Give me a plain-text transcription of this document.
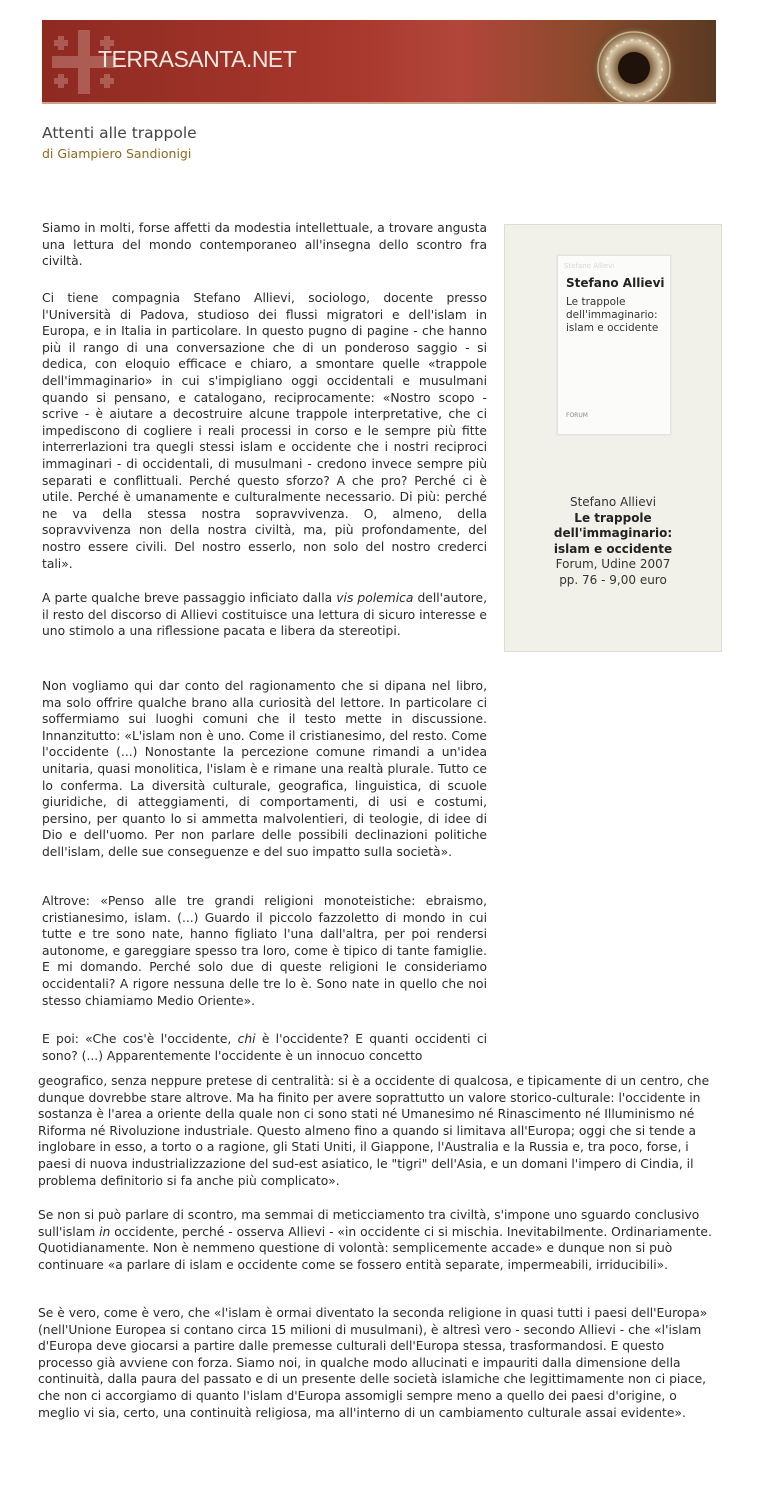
TERRASANTA.NET
Attenti alle trappole
di Giampiero Sandionigi

Siamo in molti, forse affetti da modestia intellettuale, a trovare angusta una lettura del mondo contemporaneo all'insegna dello scontro fra civiltà.

Ci tiene compagnia Stefano Allievi, sociologo, docente presso l'Università di Padova, studioso dei flussi migratori e dell'islam in Europa, e in Italia in particolare. In questo pugno di pagine - che hanno più il rango di una conversazione che di un ponderoso saggio - si dedica, con eloquio efficace e chiaro, a smontare quelle «trappole dell'immaginario» in cui s'impigliano oggi occidentali e musulmani quando si pensano, e catalogano, reciprocamente: «Nostro scopo - scrive - è aiutare a decostruire alcune trappole interpretative, che ci impediscono di cogliere i reali processi in corso e le sempre più fitte interrerlazioni tra quegli stessi islam e occidente che i nostri reciproci immaginari - di occidentali, di musulmani - credono invece sempre più separati e conflittuali. Perché questo sforzo? A che pro? Perché ci è utile. Perché è umanamente e culturalmente necessario. Di più: perché ne va della stessa nostra sopravvivenza. O, almeno, della sopravvivenza non della nostra civiltà, ma, più profondamente, del nostro essere civili. Del nostro esserlo, non solo del nostro crederci tali».

A parte qualche breve passaggio inficiato dalla vis polemica dell'autore, il resto del discorso di Allievi costituisce una lettura di sicuro interesse e uno stimolo a una riflessione pacata e libera da stereotipi.

Non vogliamo qui dar conto del ragionamento che si dipana nel libro, ma solo offrire qualche brano alla curiosità del lettore. In particolare ci soffermiamo sui luoghi comuni che il testo mette in discussione. Innanzitutto: «L'islam non è uno. Come il cristianesimo, del resto. Come l'occidente (...) Nonostante la percezione comune rimandi a un'idea unitaria, quasi monolitica, l'islam è e rimane una realtà plurale. Tutto ce lo conferma. La diversità culturale, geografica, linguistica, di scuole giuridiche, di atteggiamenti, di comportamenti, di usi e costumi, persino, per quanto lo si ammetta malvolentieri, di teologie, di idee di Dio e dell'uomo. Per non parlare delle possibili declinazioni politiche dell'islam, delle sue conseguenze e del suo impatto sulla società».

Altrove: «Penso alle tre grandi religioni monoteistiche: ebraismo, cristianesimo, islam. (...) Guardo il piccolo fazzoletto di mondo in cui tutte e tre sono nate, hanno figliato l'una dall'altra, per poi rendersi autonome, e gareggiare spesso tra loro, come è tipico di tante famiglie. E mi domando. Perché solo due di queste religioni le consideriamo occidentali? A rigore nessuna delle tre lo è. Sono nate in quello che noi stesso chiamiamo Medio Oriente».

E poi: «Che cos'è l'occidente, chi è l'occidente? E quanti occidenti ci sono? (...) Apparentemente l'occidente è un innocuo concetto

geografico, senza neppure pretese di centralità: si è a occidente di qualcosa, e tipicamente di un centro, che dunque dovrebbe stare altrove. Ma ha finito per avere soprattutto un valore storico-culturale: l'occidente in sostanza è l'area a oriente della quale non ci sono stati né Umanesimo né Rinascimento né Illuminismo né Riforma né Rivoluzione industriale. Questo almeno fino a quando si limitava all'Europa; oggi che si tende a inglobare in esso, a torto o a ragione, gli Stati Uniti, il Giappone, l'Australia e la Russia e, tra poco, forse, i paesi di nuova industrializzazione del sud-est asiatico, le "tigri" dell'Asia, e un domani l'impero di Cindia, il problema definitorio si fa anche più complicato».

Se non si può parlare di scontro, ma semmai di meticciamento tra civiltà, s'impone uno sguardo conclusivo sull'islam in occidente, perché - osserva Allievi - «in occidente ci si mischia. Inevitabilmente. Ordinariamente. Quotidianamente. Non è nemmeno questione di volontà: semplicemente accade» e dunque non si può continuare «a parlare di islam e occidente come se fossero entità separate, impermeabili, irriducibili».

Se è vero, come è vero, che «l'islam è ormai diventato la seconda religione in quasi tutti i paesi dell'Europa» (nell'Unione Europea si contano circa 15 milioni di musulmani), è altresì vero - secondo Allievi - che «l'islam d'Europa deve giocarsi a partire dalle premesse culturali dell'Europa stessa, trasformandosi. E questo processo già avviene con forza. Siamo noi, in qualche modo allucinati e impauriti dalla dimensione della continuità, dalla paura del passato e di un presente delle società islamiche che legittimamente non ci piace, che non ci accorgiamo di quanto l'islam d'Europa assomigli sempre meno a quello dei paesi d'origine, o meglio vi sia, certo, una continuità religiosa, ma all'interno di un cambiamento culturale assai evidente».

Stefano Allievi
Stefano Allievi
Le trappole
dell'immaginario:
islam e occidente
FORUM
Stefano Allievi
Le trappole
dell'immaginario:
islam e occidente
Forum, Udine 2007
pp. 76 - 9,00 euro
